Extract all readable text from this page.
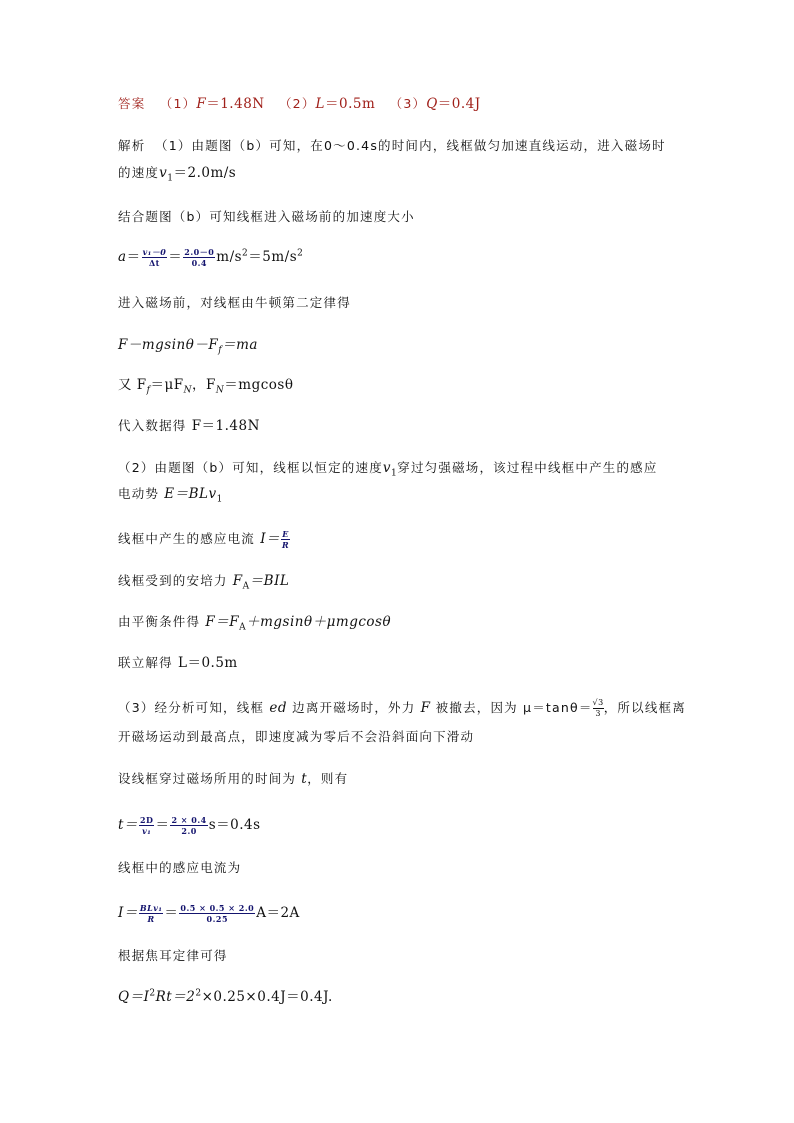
答案 （1）F＝1.48N （2）L＝0.5m （3）Q＝0.4J
解析 （1）由题图（b）可知，在0～0.4s的时间内，线框做匀加速直线运动，进入磁场时
的速度$v_1=2.0m/s$
结合题图（b）可知线框进入磁场前的加速度大小
$a= \frac{\text{v₁－0}}{\Delta t} = \frac{2.0-0}{0.4} m/s^2=5m/s^2$
进入磁场前，对线框由牛顿第二定律得
$F-mgsin\theta-F_f=ma$
又 $F_f=\mu F_N$，$F_N=mgcos\theta$
代入数据得 F＝1.48N
（2）由题图（b）可知，线框以恒定的速度$v_1$穿过匀强磁场，该过程中线框中产生的感应
电动势 E＝BLv$_1$
线框中产生的感应电流 $I= \frac{E}{R}$
线框受到的安培力 $F_A=BIL$
由平衡条件得 $F=F_A+mgsin\theta+\mu mgcos\theta$
联立解得 L＝0.5m
（3）经分析可知，线框 ed 边离开磁场时，外力 F 被撤去，因为 $\mu=\tan\theta= \frac{√3}{3}$ ，所以线框离
开磁场运动到最高点，即速度减为零后不会沿斜面向下滑动
设线框穿过磁场所用的时间为 t，则有
$t= \frac{2D}{\text{v₁}} = \frac{2 \times 0.4}{2.0} s=0.4s$
线框中的感应电流为
$I= \frac{\text{BLv₁}}{R} = \frac{0.5 \times 0.5 \times 2.0}{0.25} A=2A$
根据焦耳定律可得
$Q=I^2Rt=2^2\times 0.25\times 0.4J=0.4J$.
